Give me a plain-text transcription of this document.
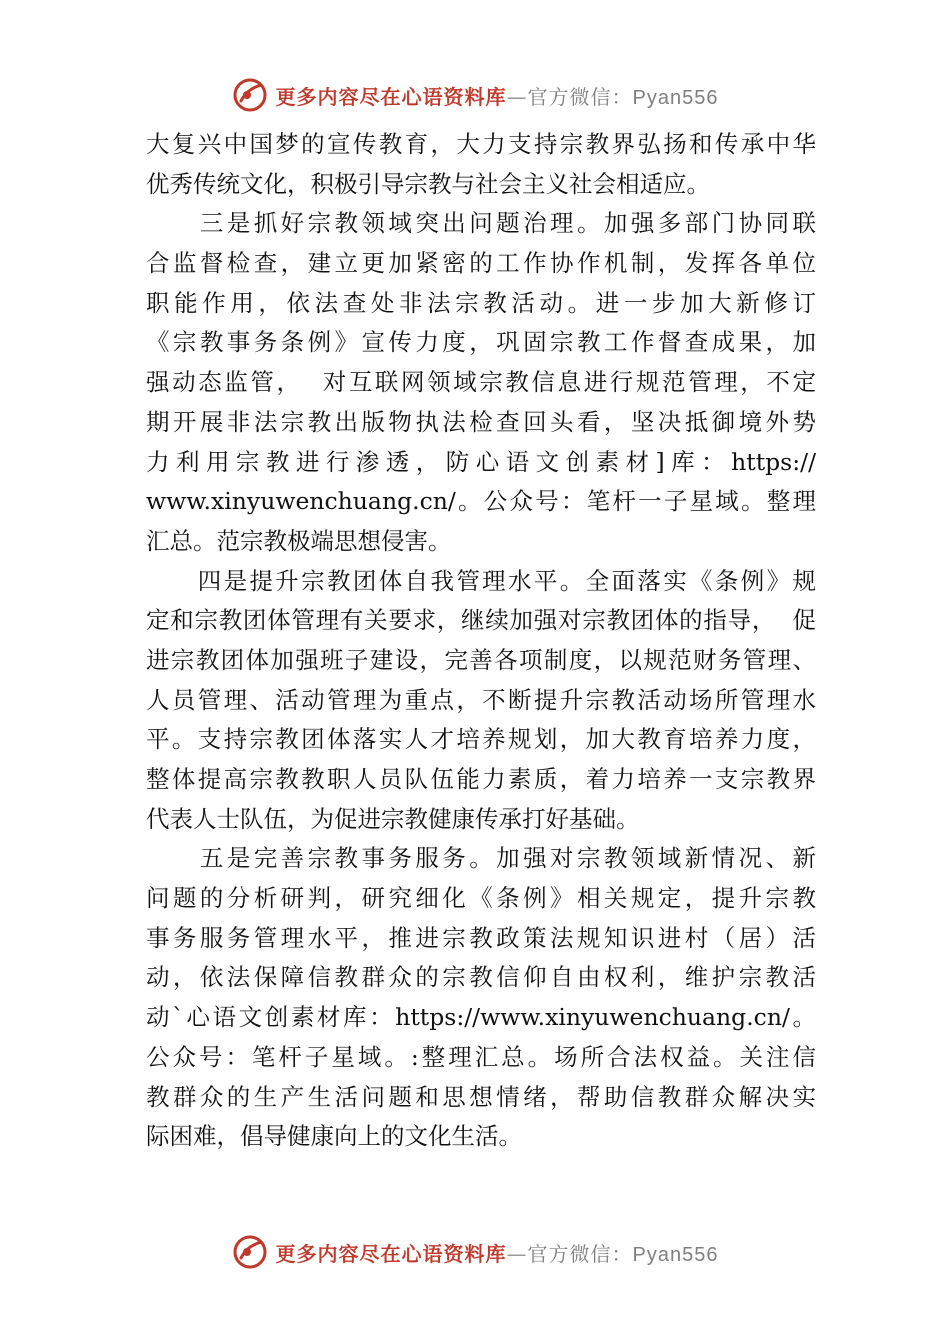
更多内容尽在心语资料库—官方微信：Pyan556
大复兴中国梦的宣传教育，大力支持宗教界弘扬和传承中华
优秀传统文化，积极引导宗教与社会主义社会相适应。
　　三是抓好宗教领域突出问题治理。加强多部门协同联
合监督检查，建立更加紧密的工作协作机制，发挥各单位
职能作用，依法查处非法宗教活动。进一步加大新修订
《宗教事务条例》宣传力度，巩固宗教工作督查成果，加
强动态监管，  对互联网领域宗教信息进行规范管理，不定
期开展非法宗教出版物执法检查回头看，坚决抵御境外势
力利用宗教进行渗透，防心语文创素材]库：https://
www.xinyuwenchuang.cn/。公众号：笔杆一子星域。整理
汇总。范宗教极端思想侵害。
　　四是提升宗教团体自我管理水平。全面落实《条例》规
定和宗教团体管理有关要求，继续加强对宗教团体的指导，  促
进宗教团体加强班子建设，完善各项制度，以规范财务管理、
人员管理、活动管理为重点，不断提升宗教活动场所管理水
平。支持宗教团体落实人才培养规划，加大教育培养力度，
整体提高宗教教职人员队伍能力素质，着力培养一支宗教界
代表人士队伍，为促进宗教健康传承打好基础。
　　五是完善宗教事务服务。加强对宗教领域新情况、新
问题的分析研判，研究细化《条例》相关规定，提升宗教
事务服务管理水平，推进宗教政策法规知识进村（居）活
动，依法保障信教群众的宗教信仰自由权利，维护宗教活
动`心语文创素材库：https://www.xinyuwenchuang.cn/。
公众号：笔杆子星域。:整理汇总。场所合法权益。关注信
教群众的生产生活问题和思想情绪，帮助信教群众解决实
际困难，倡导健康向上的文化生活。
更多内容尽在心语资料库—官方微信：Pyan556
